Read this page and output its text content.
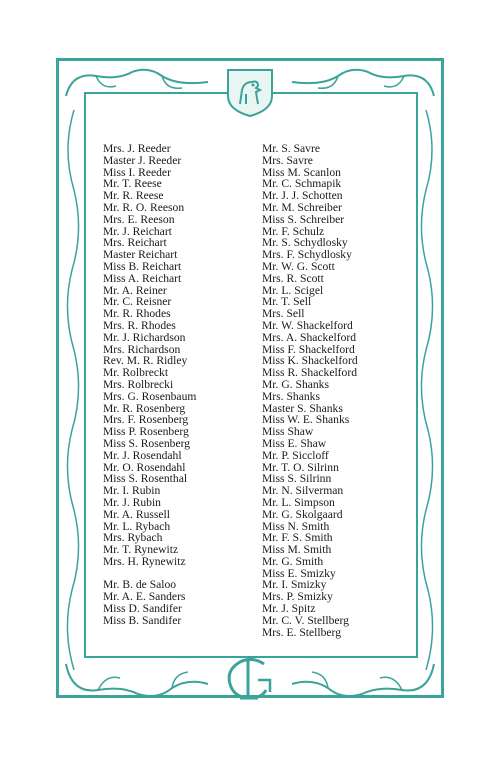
Mrs. J. Reeder
Master J. Reeder
Miss I. Reeder
Mr. T. Reese
Mr. R. Reese
Mr. R. O. Reeson
Mrs. E. Reeson
Mr. J. Reichart
Mrs. Reichart
Master Reichart
Miss B. Reichart
Miss A. Reichart
Mr. A. Reiner
Mr. C. Reisner
Mr. R. Rhodes
Mrs. R. Rhodes
Mr. J. Richardson
Mrs. Richardson
Rev. M. R. Ridley
Mr. Rolbreckt
Mrs. Rolbrecki
Mrs. G. Rosenbaum
Mr. R. Rosenberg
Mrs. F. Rosenberg
Miss P. Rosenberg
Miss S. Rosenberg
Mr. J. Rosendahl
Mr. O. Rosendahl
Miss S. Rosenthal
Mr. I. Rubin
Mr. J. Rubin
Mr. A. Russell
Mr. L. Rybach
Mrs. Rybach
Mr. T. Rynewitz
Mrs. H. Rynewitz
Mr. B. de Saloo
Mr. A. E. Sanders
Miss D. Sandifer
Miss B. Sandifer
Mr. S. Savre
Mrs. Savre
Miss M. Scanlon
Mr. C. Schmapik
Mr. J. J. Schotten
Mr. M. Schreiber
Miss S. Schreiber
Mr. F. Schulz
Mr. S. Schydlosky
Mrs. F. Schydlosky
Mr. W. G. Scott
Mrs. R. Scott
Mr. L. Scigel
Mr. T. Sell
Mrs. Sell
Mr. W. Shackelford
Mrs. A. Shackelford
Miss F. Shackelford
Miss K. Shackelford
Miss R. Shackelford
Mr. G. Shanks
Mrs. Shanks
Master S. Shanks
Miss W. E. Shanks
Miss Shaw
Miss E. Shaw
Mr. P. Siccloff
Mr. T. O. Silrinn
Miss S. Silrinn
Mr. N. Silverman
Mr. L. Simpson
Mr. G. Skolgaard
Miss N. Smith
Mr. F. S. Smith
Miss M. Smith
Mr. G. Smith
Miss E. Smizky
Mr. I. Smizky
Mrs. P. Smizky
Mr. J. Spitz
Mr. C. V. Stellberg
Mrs. E. Stellberg
